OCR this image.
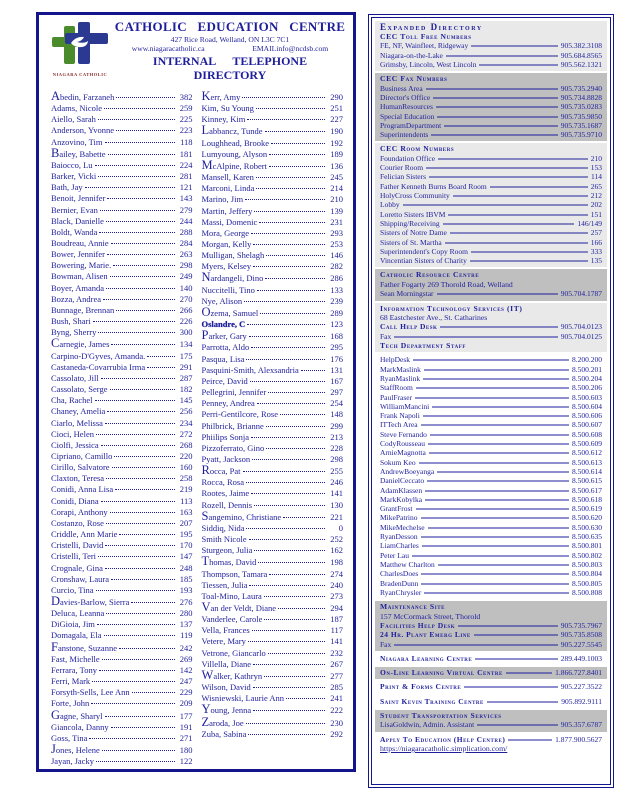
NIAGARA CATHOLIC
CATHOLIC EDUCATION CENTRE
427 Rice Road, Welland, ON L3C 7C1
www.niagaracatholic.ca	EMAILinfo@ncdsb.com
INTERNAL TELEPHONE DIRECTORY
Abedin, Farzaneh	382
Adams, Nicole	259
Aiello, Sarah	225
Anderson, Yvonne	223
Anzovino, Tim	118
Bailey, Babette	181
Baiocco, Lu	224
Barker, Vicki	281
Bath, Jay	121
Benoit, Jennifer	143
Bernier, Evan	279
Black, Danielle	244
Boldt, Wanda	288
Boudreau, Annie	284
Bower, Jennifer	263
Bowering, Marie.	298
Bowman, Alisen	249
Boyer, Amanda	140
Bozza, Andrea	270
Bunnage, Brennan	266
Bush, Shari	226
Byng, Sherry	300
Carnegie, James	134
Carpino-D'Gyves, Amanda.	175
Castaneda-Covarrubia Irma	291
Cassolato, Jill	287
Cassolato, Serge	182
Cha, Rachel	145
Chaney, Amelia	256
Ciarlo, Melissa	234
Cioci, Helen	272
Ciolfi, Jessica	268
Cipriano, Camillo	220
Cirillo, Salvatore	160
Claxton, Teresa	258
Conidi, Anna Lisa	219
Conidi, Diana	113
Corapi, Anthony	163
Costanzo, Rose	207
Criddle, Ann Marie	195
Cristelli, David	170
Cristelli, Teri	147
Crognale, Gina	248
Cronshaw, Laura	185
Curcio, Tina	193
Davies-Barlow, Sierra	276
Deluca, Leanna	280
DiGioia, Jim	137
Domagala, Ela	119
Fanstone, Suzanne	242
Fast, Michelle	269
Ferrara, Tony	142
Ferri, Mark	247
Forsyth-Sells, Lee Ann	229
Forte, John	209
Gagne, Sharyl	177
Giancola, Danny	191
Goss, Tina	271
Jones, Helene	180
Jayan, Jacky	122
Kerr, Amy	290
Kim, Su Young	251
Kinney, Kim	227
Labbancz, Tunde	190
Loughhead, Brooke	192
Lumyoung, Alyson	189
McAlpine, Robert	136
Mansell, Karen	245
Marconi, Linda	214
Marino, Jim	210
Martin, Jeffery	139
Massi, Domenic	231
Mora, George	293
Morgan, Kelly	253
Mulligan, Shelagh	146
Myers, Kelsey	282
Nardangeli, Dino	286
Nuccitelli, Tino	133
Nye, Alison	239
Ozema, Samuel	289
Oslandre, C	123
Parker, Gary	168
Parrotta, Aldo	295
Pasqua, Lisa	176
Pasquini-Smith, Alexsandria	131
Peirce, David	167
Pellegrini, Jennifer	297
Penney, Andrea	254
Perri-Gentilcore, Rose	148
Philbrick, Brianne	299
Phiilips Sonja	213
Pizzoferrato, Gino	228
Pyatt, Jackson	298
Rocca, Pat	255
Rocca, Rosa	246
Rootes, Jaime	141
Rozell, Dennis	130
Sangemino, Christiane	221
Siddiq, Nida	0
Smith Nicole	252
Sturgeon, Julia	162
Thomas, David	198
Thompson, Tamara	274
Tiessen, Julia	240
Toal-Mino, Laura	273
Van der Veldt, Diane	294
Vanderlee, Carole	187
Vella, Frances	117
Vetere, Mary	141
Vetrone, Giancarlo	232
Villella, Diane	267
Walker, Kathryn	277
Wilson, David	285
Wisniewski, Laurie Ann	241
Young, Jenna	222
Zaroda, Joe	230
Zuba, Sabina	292
Expanded Directory
CEC Toll Free Numbers
FE, NF, Wainfleet, Ridgeway	905.382.3108
Niagara-on-the-Lake	905.684.8565
Grimsby, Lincoln, West Lincoln	905.562.1321
CEC Fax Numbers
Business Area	905.735.2940
Director's Office	905.734.8828
HumanResources	905.735.0283
Special Education	905.735.9850
ProgramDepartment	905.735.1687
Superintendents	905.735.9710
CEC Room Numbers
Foundation Office	210
Courier Room	153
Felician Sisters	114
Father Kenneth Burns Board Room	265
HolyCross Community	212
Lobby	202
Loretto Sisters IBVM	151
Shipping/Receiving	146/149
Sisters of Notre Dame	257
Sisters of St. Martha	166
Superintendent's Copy Room	333
Vincentian Sisters of Charity	135
Catholic Resource Centre
Father Fogarty 269 Thorold Road, Welland
Sean Morningstar	905.704.1787
Information Technology Services (IT)
68 Eastchester Ave., St. Catharines
Call Help Desk	905.704.0123
Fax	905.704.0125
Tech Department Staff
HelpDesk	8.200.200
MarkMaslink	8.500.201
RyanMaslink	8.500.204
StaffRoom	8.500.206
PaulFraser	8.500.603
WilliamMancini	8.500.604
Frank Napoli	8.500.606
ITTech Area	8.500.607
Steve Fernando	8.500.608
CodyRousseau	8.500.609
ArnieMagnotta	8.500.612
Sokum Keo	8.500.613
AndrewBoeyanga	8.500.614
DanielCeccato	8.500.615
AdamKlassen	8.500.617
MarkKobylka	8.500.618
GrantFrost	8.500.619
MikePatrino	8.500.620
MikeMechelse	8.500.630
RyanDesson	8.500.635
LiamCharles	8.500.801
Peter Lau	8.500.802
Matthew Charlton	8.500.803
CharlesDoes	8.500.804
BradenDunn	8.500.805
RyanChrysler	8.500.808
Maintenance Site
157 McCormack Street, Thorold
Facilities Help Desk	905.735.7967
24 Hr. Plant Emerg Line	905.735.8508
Fax	905.227.5545
Niagara Learning Centre	289.449.1003
On-Line Learning Virtual Centre	1.866.727.8401
Print & Forms Centre	905.227.3522
Saint Kevin Training Centre	905.892.9111
Student Transportation Services
LisaGoldwin, Admin. Assistant	905.357.6787
Apply To Education (Help Centre)	1.877.900.5627
https://niagaracatholic.simplication.com/
